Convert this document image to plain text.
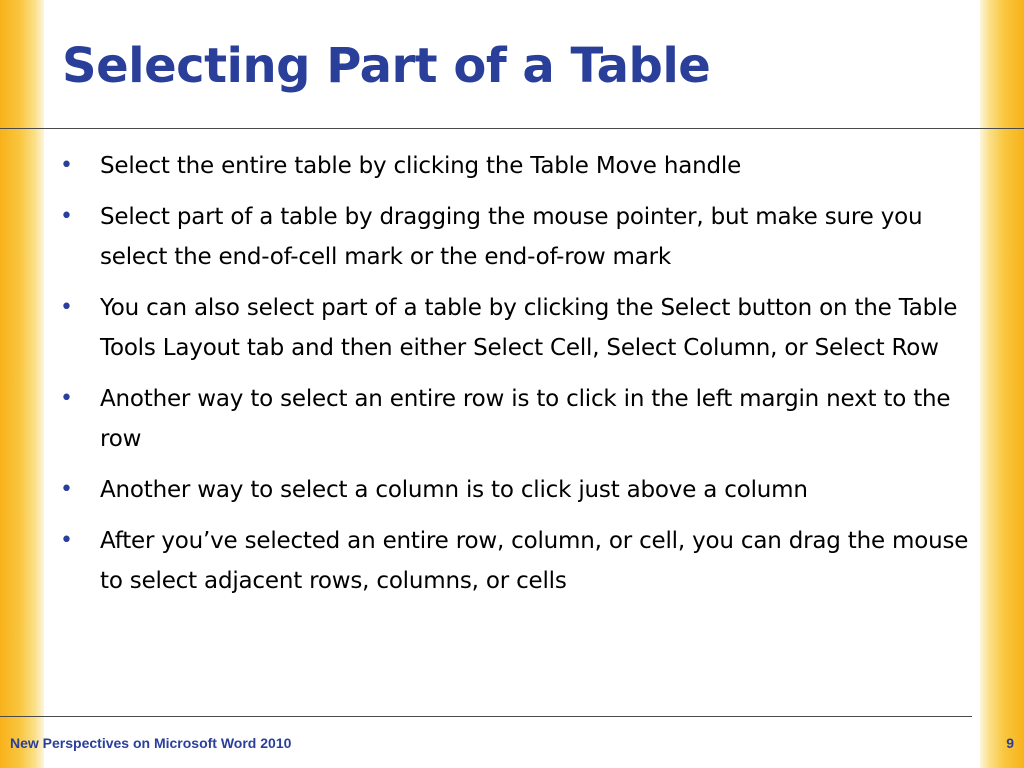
Selecting Part of a Table
•	Select the entire table by clicking the Table Move handle
•	Select part of a table by dragging the mouse pointer, but make sure you select the end-of-cell mark or the end-of-row mark
•	You can also select part of a table by clicking the Select button on the Table Tools Layout tab and then either Select Cell, Select Column, or Select Row
•	Another way to select an entire row is to click in the left margin next to the row
•	Another way to select a column is to click just above a column
•	After you’ve selected an entire row, column, or cell, you can drag the mouse to select adjacent rows, columns, or cells
New Perspectives on Microsoft Word 2010	9
